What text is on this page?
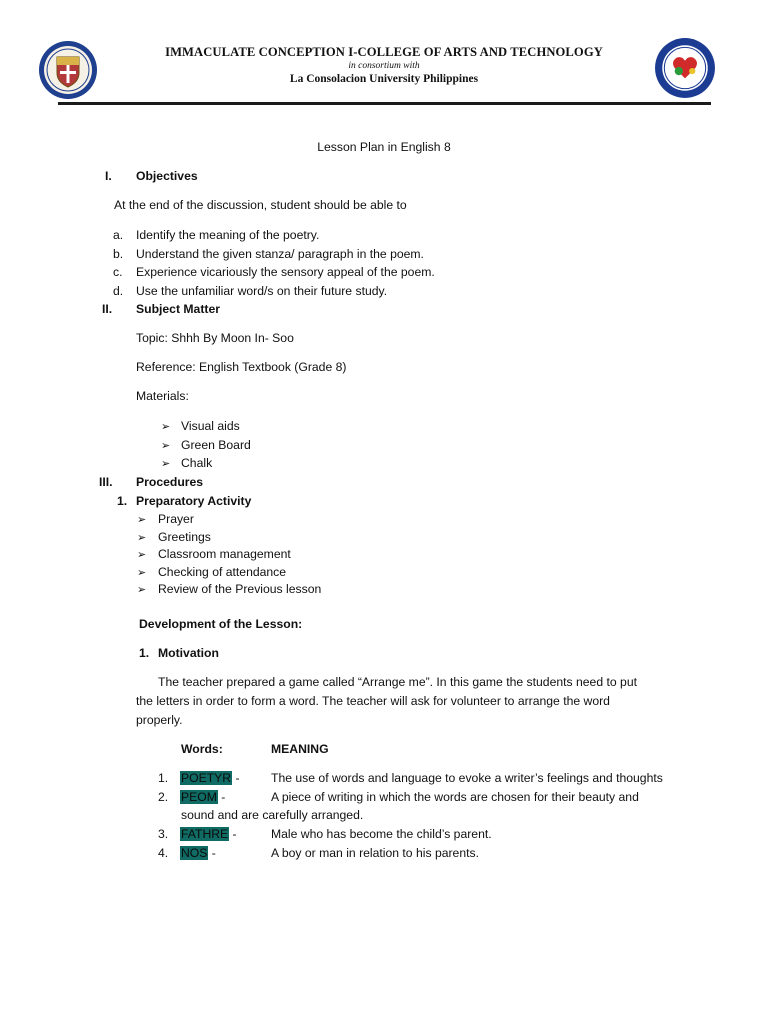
IMMACULATE CONCEPTION I-COLLEGE OF ARTS AND TECHNOLOGY
in consortium with
La Consolacion University Philippines
Lesson Plan in English 8
I. Objectives
At the end of the discussion, student should be able to
a. Identify the meaning of the poetry.
b. Understand the given stanza/ paragraph in the poem.
c. Experience vicariously the sensory appeal of the poem.
d. Use the unfamiliar word/s on their future study.
II. Subject Matter
Topic: Shhh By Moon In- Soo
Reference: English Textbook (Grade 8)
Materials:
➢ Visual aids
➢ Green Board
➢ Chalk
III. Procedures
1. Preparatory Activity
➢ Prayer
➢ Greetings
➢ Classroom management
➢ Checking of attendance
➢ Review of the Previous lesson
Development of the Lesson:
1. Motivation
The teacher prepared a game called “Arrange me”. In this game the students need to put
the letters in order to form a word. The teacher will ask for volunteer to arrange the word
properly.
Words:	MEANING
1. POETYR -	The use of words and language to evoke a writer’s feelings and thoughts
2. PEOM -	A piece of writing in which the words are chosen for their beauty and
sound and are carefully arranged.
3. FATHRE -	Male who has become the child’s parent.
4. NOS -	A boy or man in relation to his parents.
